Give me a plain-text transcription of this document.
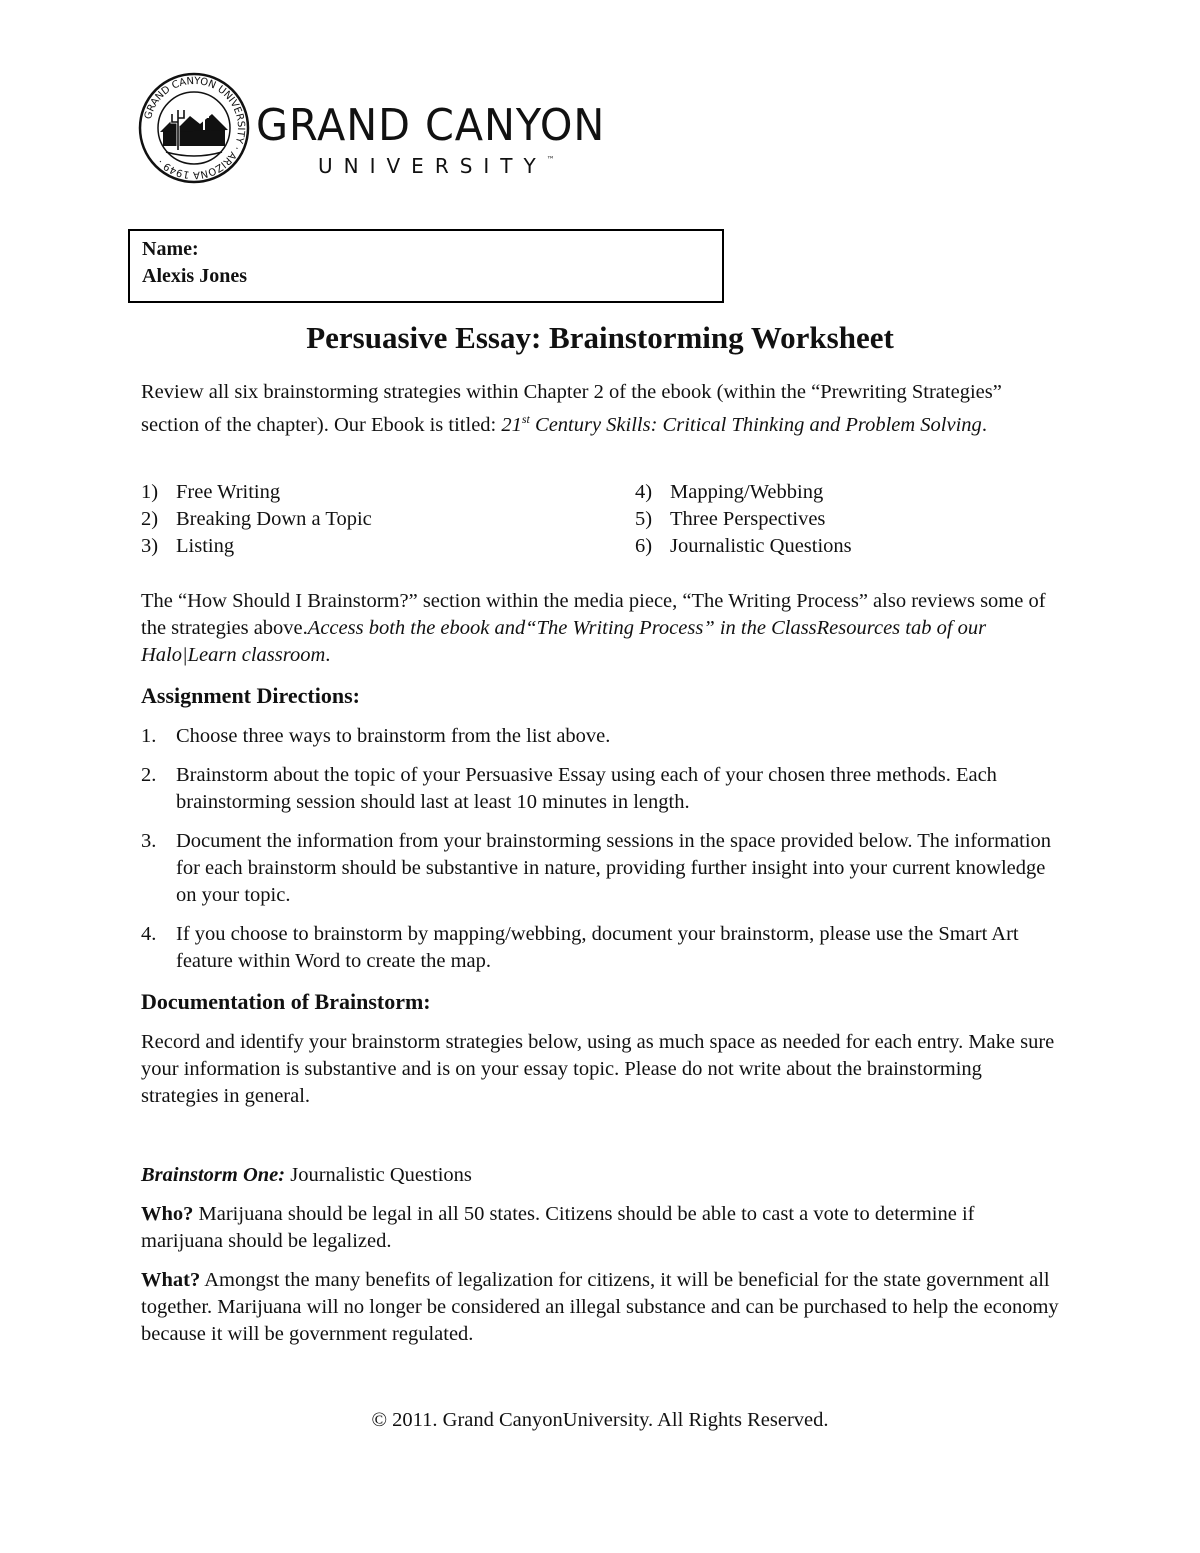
GRAND CANYON UNIVERSITY · ARIZONA 1949 ·
GRAND CANYON
UNIVERSITY™
Name:
Alexis Jones
Persuasive Essay: Brainstorming Worksheet

Review all six brainstorming strategies within Chapter 2 of the ebook (within the “Prewriting Strategies” section of the chapter). Our Ebook is titled: 21st Century Skills: Critical Thinking and Problem Solving.

1) Free Writing
2) Breaking Down a Topic
3) Listing
4) Mapping/Webbing
5) Three Perspectives
6) Journalistic Questions

The “How Should I Brainstorm?” section within the media piece, “The Writing Process” also reviews some of the strategies above.Access both the ebook and“The Writing Process” in the ClassResources tab of our Halo|Learn classroom.

Assignment Directions:
1. Choose three ways to brainstorm from the list above.
2. Brainstorm about the topic of your Persuasive Essay using each of your chosen three methods. Each brainstorming session should last at least 10 minutes in length.
3. Document the information from your brainstorming sessions in the space provided below. The information for each brainstorm should be substantive in nature, providing further insight into your current knowledge on your topic.
4. If you choose to brainstorm by mapping/webbing, document your brainstorm, please use the Smart Art feature within Word to create the map.
Documentation of Brainstorm:

Record and identify your brainstorm strategies below, using as much space as needed for each entry. Make sure your information is substantive and is on your essay topic. Please do not write about the brainstorming strategies in general.

Brainstorm One: Journalistic Questions

Who? Marijuana should be legal in all 50 states. Citizens should be able to cast a vote to determine if marijuana should be legalized.

What? Amongst the many benefits of legalization for citizens, it will be beneficial for the state government all together. Marijuana will no longer be considered an illegal substance and can be purchased to help the economy because it will be government regulated.

© 2011. Grand CanyonUniversity. All Rights Reserved.
